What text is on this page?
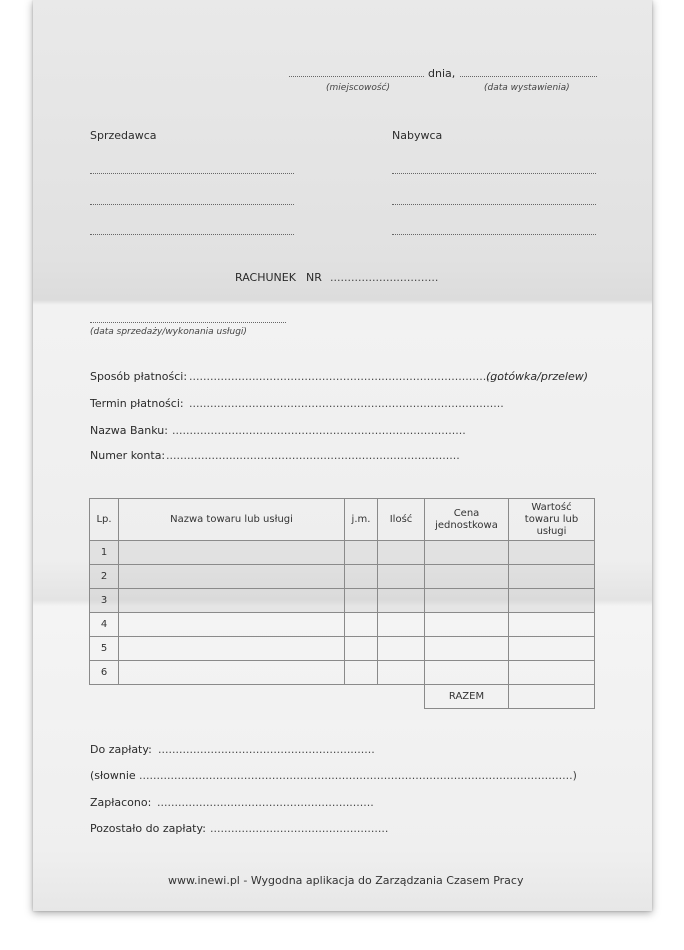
dnia,
(miejscowość)	(data wystawienia)
Sprzedawca	Nabywca
RACHUNEK NR ...............................
(data sprzedaży/wykonania usługi)
Sposób płatności: ...........................................................................................
(gotówka/przelew)
Termin płatności: ..........................................................................................
Nazwa Banku: ....................................................................................
Numer konta: ....................................................................................
Lp.	Nazwa towaru lub usługi	j.m.	Ilość	Cena jednostkowa	Wartość towaru lub usługi
1					
2					
3					
4					
5					
6					
				RAZEM	
Do zapłaty: ..............................................................
(słownie ............................................................................................................................)
Zapłacono: ..............................................................
Pozostało do zapłaty: ...................................................
www.inewi.pl - Wygodna aplikacja do Zarządzania Czasem Pracy
